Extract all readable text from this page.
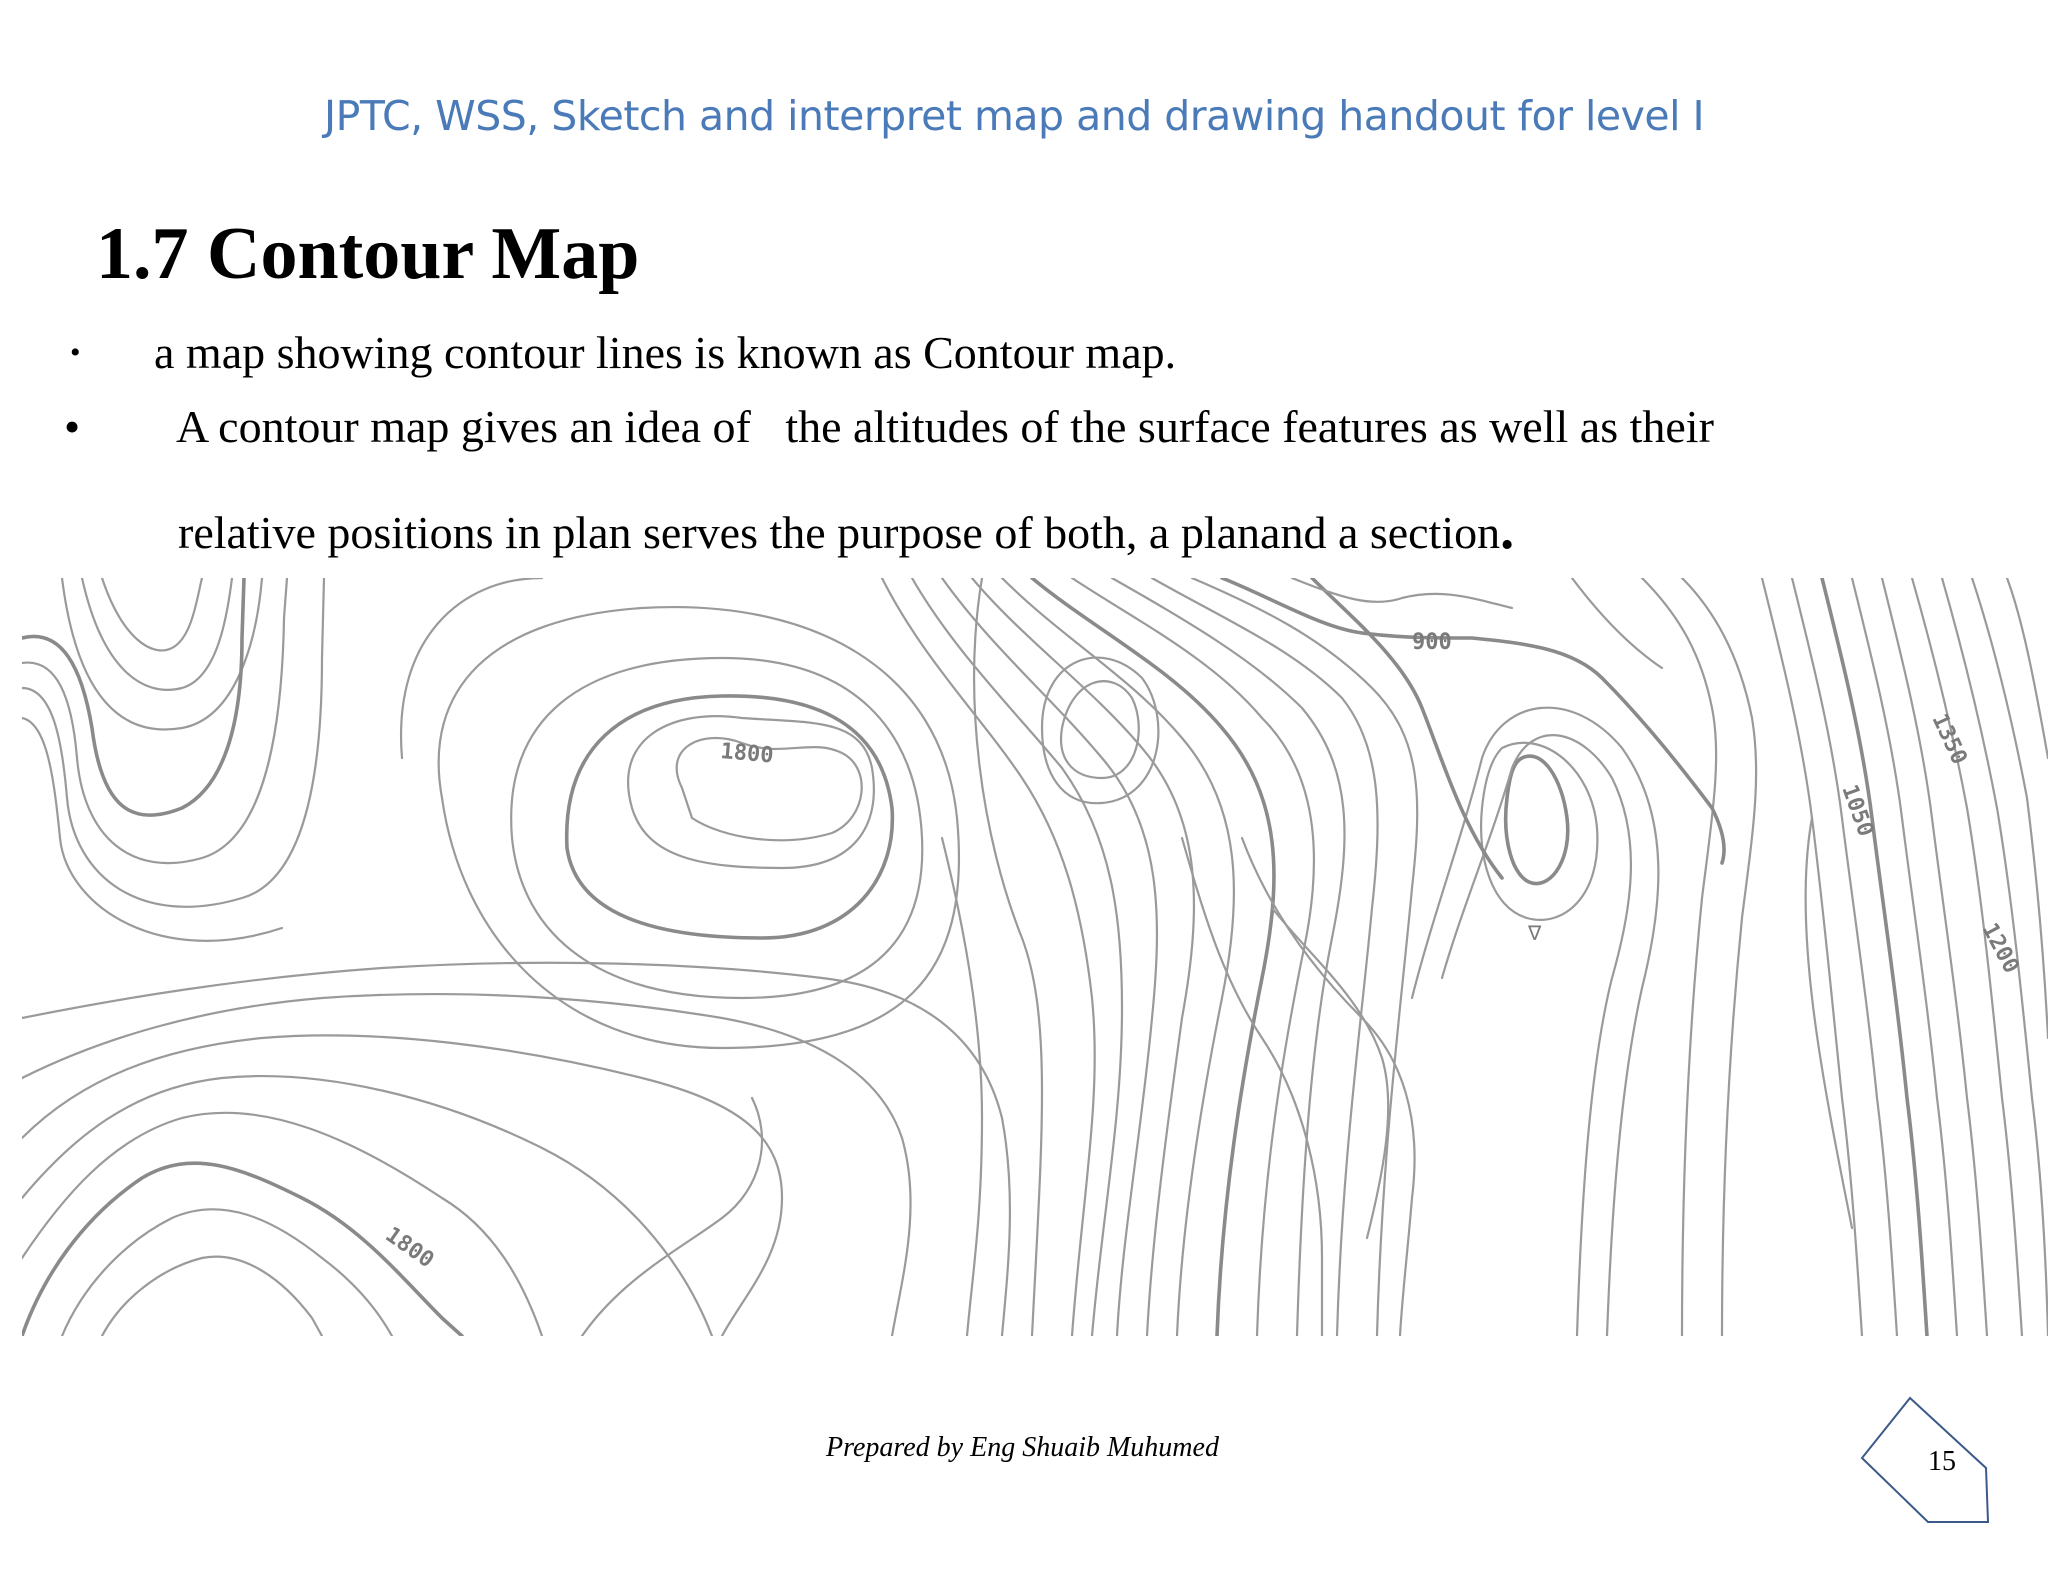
JPTC, WSS, Sketch and interpret map and drawing handout for level I
1.7 Contour Map
• a map showing contour lines is known as Contour map.
• A contour map gives an idea of   the altitudes of the surface features as well as their
relative positions in plan serves the purpose of both, a planand a section.
900
1350
1050
1200
1800
1800
∇
Prepared by Eng Shuaib Muhumed	15
